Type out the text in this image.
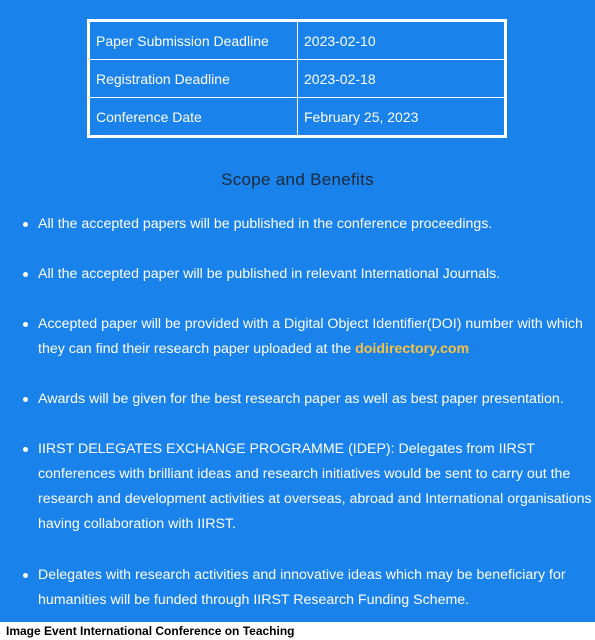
Paper Submission Deadline	2023-02-10
Registration Deadline	2023-02-18
Conference Date	February 25, 2023
Scope and Benefits
All the accepted papers will be published in the conference proceedings.
All the accepted paper will be published in relevant International Journals.
Accepted paper will be provided with a Digital Object Identifier(DOI) number with which they can find their research paper uploaded at the doidirectory.com
Awards will be given for the best research paper as well as best paper presentation.
IIRST DELEGATES EXCHANGE PROGRAMME (IDEP): Delegates from IIRST conferences with brilliant ideas and research initiatives would be sent to carry out the research and development activities at overseas, abroad and International organisations having collaboration with IIRST.
Delegates with research activities and innovative ideas which may be beneficiary for humanities will be funded through IIRST Research Funding Scheme.
Image Event International Conference on Teaching
